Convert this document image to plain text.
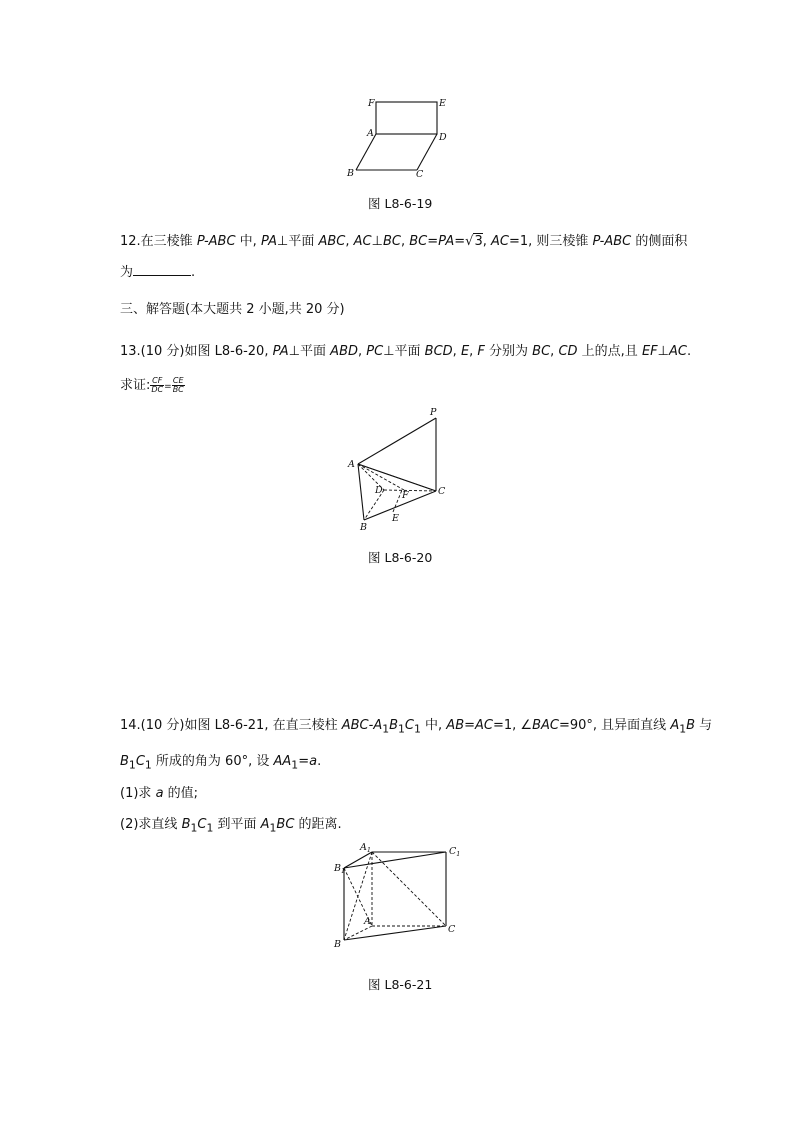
F	E
A	D
B	C
图 L8-6-19
12.在三棱锥 P-ABC 中, PA⊥平面 ABC, AC⊥BC, BC=PA=√3, AC=1, 则三棱锥 P-ABC 的侧面积
为	.
三、解答题(本大题共 2 小题,共 20 分)
13.(10 分)如图 L8-6-20, PA⊥平面 ABD, PC⊥平面 BCD, E, F 分别为 BC, CD 上的点,且 EF⊥AC.
求证: $\frac{CF}{DC} = \frac{CE}{BC}$
P
A
D F	C
E
B
图 L8-6-20
14.(10 分)如图 L8-6-21, 在直三棱柱 ABC-$A_1B_1C_1$ 中, AB=AC=1, ∠BAC=90°, 且异面直线 $A_1B$ 与
$B_1C_1$ 所成的角为 60°, 设 $AA_1=a$.
(1)求 a 的值;
(2)求直线 $B_1C_1$ 到平面 $A_1BC$ 的距离.
$A_1$
$B_1$
$C_1$
A
B
C
图 L8-6-21
